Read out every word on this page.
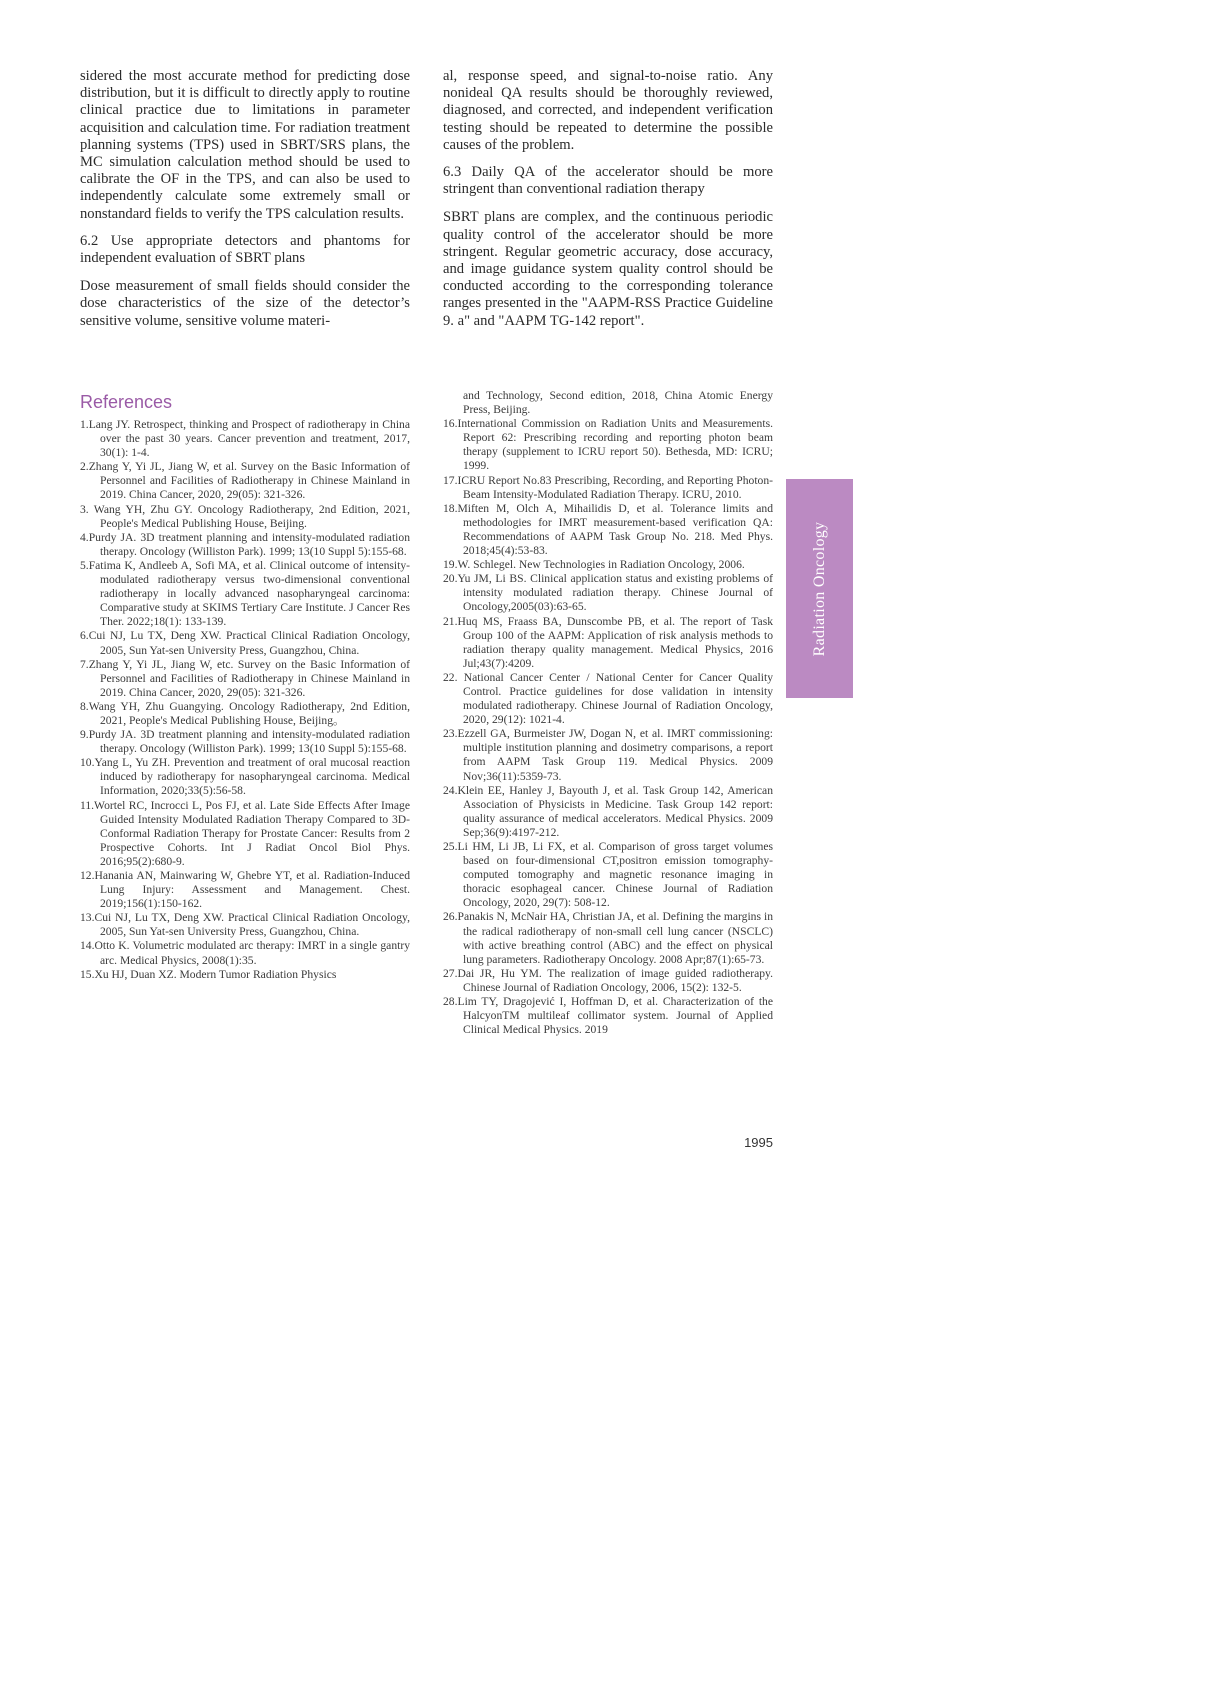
sidered the most accurate method for predicting dose distribution, but it is difficult to directly apply to routine clinical practice due to limitations in parameter acquisition and calculation time. For radiation treatment planning systems (TPS) used in SBRT/SRS plans, the MC simulation calculation method should be used to calibrate the OF in the TPS, and can also be used to independently calculate some extremely small or nonstandard fields to verify the TPS calculation results.

6.2 Use appropriate detectors and phantoms for independent evaluation of SBRT plans

Dose measurement of small fields should consider the dose characteristics of the size of the detector’s sensitive volume, sensitive volume materi-

al, response speed, and signal-to-noise ratio. Any nonideal QA results should be thoroughly reviewed, diagnosed, and corrected, and independent verification testing should be repeated to determine the possible causes of the problem.

6.3 Daily QA of the accelerator should be more stringent than conventional radiation therapy

SBRT plans are complex, and the continuous periodic quality control of the accelerator should be more stringent. Regular geometric accuracy, dose accuracy, and image guidance system quality control should be conducted according to the corresponding tolerance ranges presented in the "AAPM-RSS Practice Guideline 9. a" and "AAPM TG-142 report".

References

1.Lang JY. Retrospect, thinking and Prospect of radiotherapy in China over the past 30 years. Cancer prevention and treatment, 2017, 30(1): 1-4.

2.Zhang Y, Yi JL, Jiang W, et al. Survey on the Basic Information of Personnel and Facilities of Radiotherapy in Chinese Mainland in 2019. China Cancer, 2020, 29(05): 321-326.

3. Wang YH, Zhu GY. Oncology Radiotherapy, 2nd Edition, 2021, People's Medical Publishing House, Beijing.

4.Purdy JA. 3D treatment planning and intensity-modulated radiation therapy. Oncology (Williston Park). 1999; 13(10 Suppl 5):155-68.

5.Fatima K, Andleeb A, Sofi MA, et al. Clinical outcome of intensity-modulated radiotherapy versus two-dimensional conventional radiotherapy in locally advanced nasopharyngeal carcinoma: Comparative study at SKIMS Tertiary Care Institute. J Cancer Res Ther. 2022;18(1): 133-139.

6.Cui NJ, Lu TX, Deng XW. Practical Clinical Radiation Oncology, 2005, Sun Yat-sen University Press, Guangzhou, China.

7.Zhang Y, Yi JL, Jiang W, etc. Survey on the Basic Information of Personnel and Facilities of Radiotherapy in Chinese Mainland in 2019. China Cancer, 2020, 29(05): 321-326.

8.Wang YH, Zhu Guangying. Oncology Radiotherapy, 2nd Edition, 2021, People's Medical Publishing House, Beijing。

9.Purdy JA. 3D treatment planning and intensity-modulated radiation therapy. Oncology (Williston Park). 1999; 13(10 Suppl 5):155-68.

10.Yang L, Yu ZH. Prevention and treatment of oral mucosal reaction induced by radiotherapy for nasopharyngeal carcinoma. Medical Information, 2020;33(5):56-58.

11.Wortel RC, Incrocci L, Pos FJ, et al. Late Side Effects After Image Guided Intensity Modulated Radiation Therapy Compared to 3D-Conformal Radiation Therapy for Prostate Cancer: Results from 2 Prospective Cohorts. Int J Radiat Oncol Biol Phys. 2016;95(2):680-9.

12.Hanania AN, Mainwaring W, Ghebre YT, et al. Radiation-Induced Lung Injury: Assessment and Management. Chest. 2019;156(1):150-162.

13.Cui NJ, Lu TX, Deng XW. Practical Clinical Radiation Oncology, 2005, Sun Yat-sen University Press, Guangzhou, China.

14.Otto K. Volumetric modulated arc therapy: IMRT in a single gantry arc. Medical Physics, 2008(1):35.

15.Xu HJ, Duan XZ. Modern Tumor Radiation Physics

and Technology, Second edition, 2018, China Atomic Energy Press, Beijing.

16.International Commission on Radiation Units and Measurements. Report 62: Prescribing recording and reporting photon beam therapy (supplement to ICRU report 50). Bethesda, MD: ICRU; 1999.

17.ICRU Report No.83 Prescribing, Recording, and Reporting Photon-Beam Intensity-Modulated Radiation Therapy. ICRU, 2010.

18.Miften M, Olch A, Mihailidis D, et al. Tolerance limits and methodologies for IMRT measurement-based verification QA: Recommendations of AAPM Task Group No. 218. Med Phys. 2018;45(4):53-83.

19.W. Schlegel. New Technologies in Radiation Oncology, 2006.

20.Yu JM, Li BS. Clinical application status and existing problems of intensity modulated radiation therapy. Chinese Journal of Oncology,2005(03):63-65.

21.Huq MS, Fraass BA, Dunscombe PB, et al. The report of Task Group 100 of the AAPM: Application of risk analysis methods to radiation therapy quality management. Medical Physics, 2016 Jul;43(7):4209.

22. National Cancer Center / National Center for Cancer Quality Control. Practice guidelines for dose validation in intensity modulated radiotherapy. Chinese Journal of Radiation Oncology, 2020, 29(12): 1021-4.

23.Ezzell GA, Burmeister JW, Dogan N, et al. IMRT commissioning: multiple institution planning and dosimetry comparisons, a report from AAPM Task Group 119. Medical Physics. 2009 Nov;36(11):5359-73.

24.Klein EE, Hanley J, Bayouth J, et al. Task Group 142, American Association of Physicists in Medicine. Task Group 142 report: quality assurance of medical accelerators. Medical Physics. 2009 Sep;36(9):4197-212.

25.Li HM, Li JB, Li FX, et al. Comparison of gross target volumes based on four-dimensional CT,positron emission tomography-computed tomography and magnetic resonance imaging in thoracic esophageal cancer. Chinese Journal of Radiation Oncology, 2020, 29(7): 508-12.

26.Panakis N, McNair HA, Christian JA, et al. Defining the margins in the radical radiotherapy of non-small cell lung cancer (NSCLC) with active breathing control (ABC) and the effect on physical lung parameters. Radiotherapy Oncology. 2008 Apr;87(1):65-73.

27.Dai JR, Hu YM. The realization of image guided radiotherapy. Chinese Journal of Radiation Oncology, 2006, 15(2): 132-5.

28.Lim TY, Dragojević I, Hoffman D, et al. Characterization of the HalcyonTM multileaf collimator system. Journal of Applied Clinical Medical Physics. 2019

Radiation Oncology
1995
